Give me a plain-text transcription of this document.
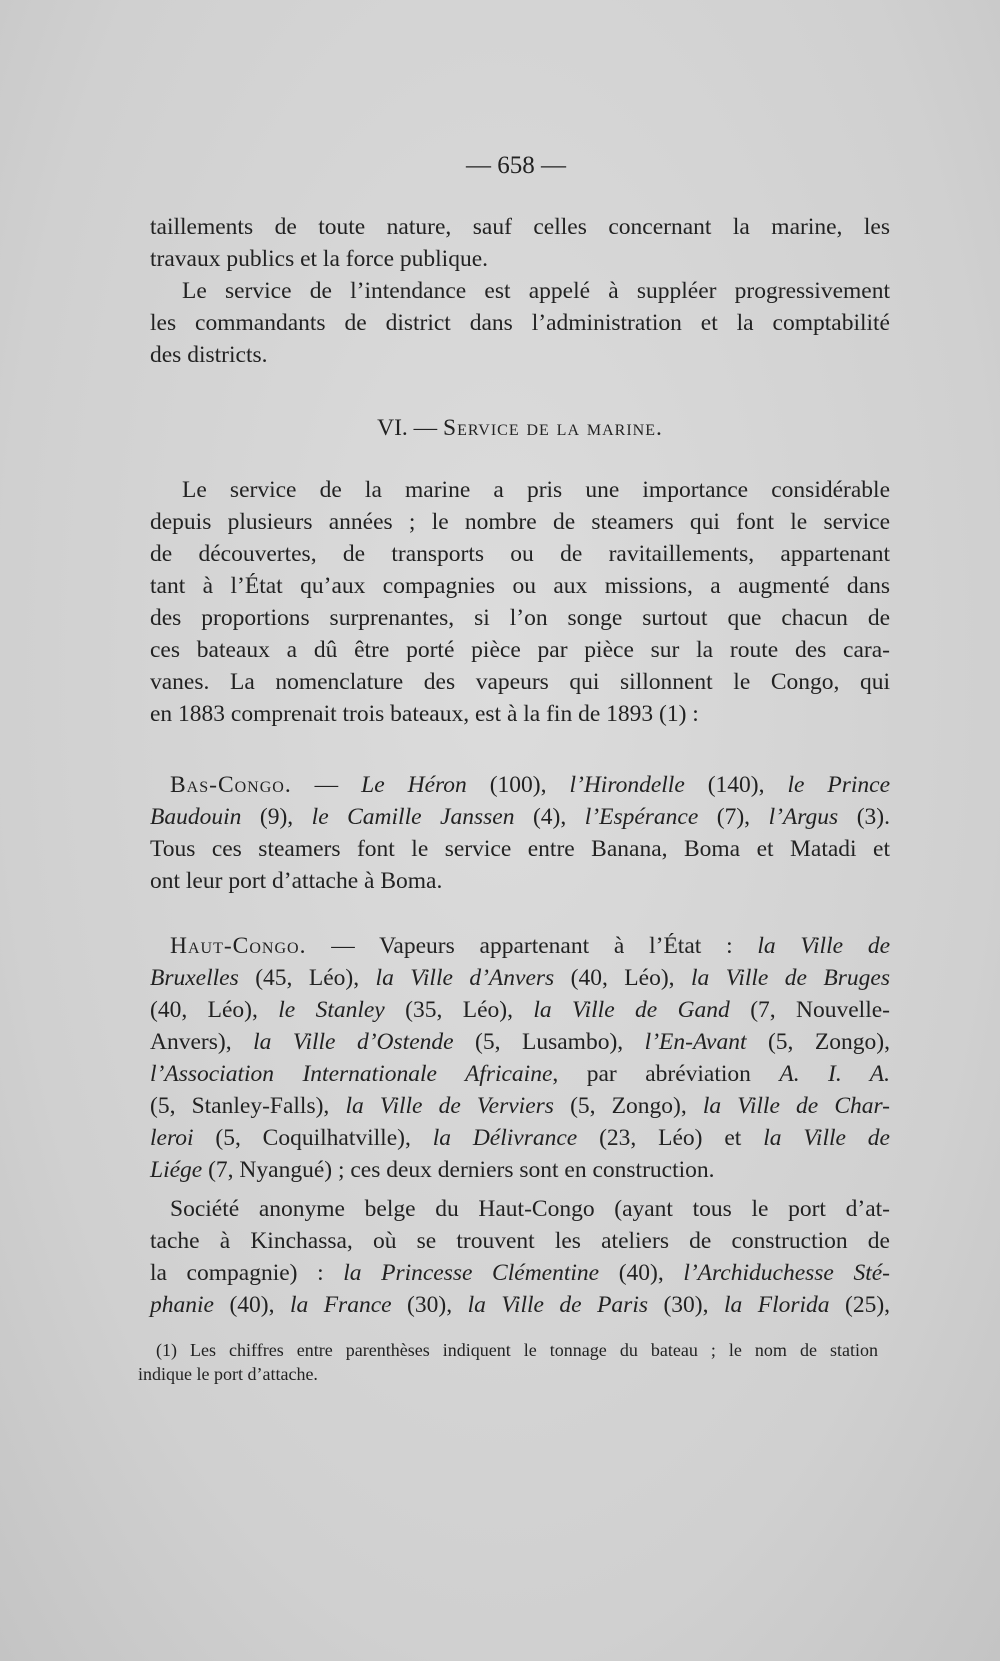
— 658 —
taillements de toute nature, sauf celles concernant la marine, les
travaux publics et la force publique.
Le service de l’intendance est appelé à suppléer progressivement
les commandants de district dans l’administration et la comptabilité
des districts.
VI. — Service de la marine.
Le service de la marine a pris une importance considérable
depuis plusieurs années ; le nombre de steamers qui font le service
de découvertes, de transports ou de ravitaillements, appartenant
tant à l’État qu’aux compagnies ou aux missions, a augmenté dans
des proportions surprenantes, si l’on songe surtout que chacun de
ces bateaux a dû être porté pièce par pièce sur la route des cara-
vanes. La nomenclature des vapeurs qui sillonnent le Congo, qui
en 1883 comprenait trois bateaux, est à la fin de 1893 (1) :
Bas-Congo. — Le Héron (100), l’Hirondelle (140), le Prince
Baudouin (9), le Camille Janssen (4), l’Espérance (7), l’Argus (3).
Tous ces steamers font le service entre Banana, Boma et Matadi et
ont leur port d’attache à Boma.
Haut-Congo. — Vapeurs appartenant à l’État : la Ville de
Bruxelles (45, Léo), la Ville d’Anvers (40, Léo), la Ville de Bruges
(40, Léo), le Stanley (35, Léo), la Ville de Gand (7, Nouvelle-
Anvers), la Ville d’Ostende (5, Lusambo), l’En-Avant (5, Zongo),
l’Association Internationale Africaine, par abréviation A. I. A.
(5, Stanley-Falls), la Ville de Verviers (5, Zongo), la Ville de Char-
leroi (5, Coquilhatville), la Délivrance (23, Léo) et la Ville de
Liége (7, Nyangué) ; ces deux derniers sont en construction.
Société anonyme belge du Haut-Congo (ayant tous le port d’at-
tache à Kinchassa, où se trouvent les ateliers de construction de
la compagnie) : la Princesse Clémentine (40), l’Archiduchesse Sté-
phanie (40), la France (30), la Ville de Paris (30), la Florida (25),
(1) Les chiffres entre parenthèses indiquent le tonnage du bateau ; le nom de station
indique le port d’attache.
